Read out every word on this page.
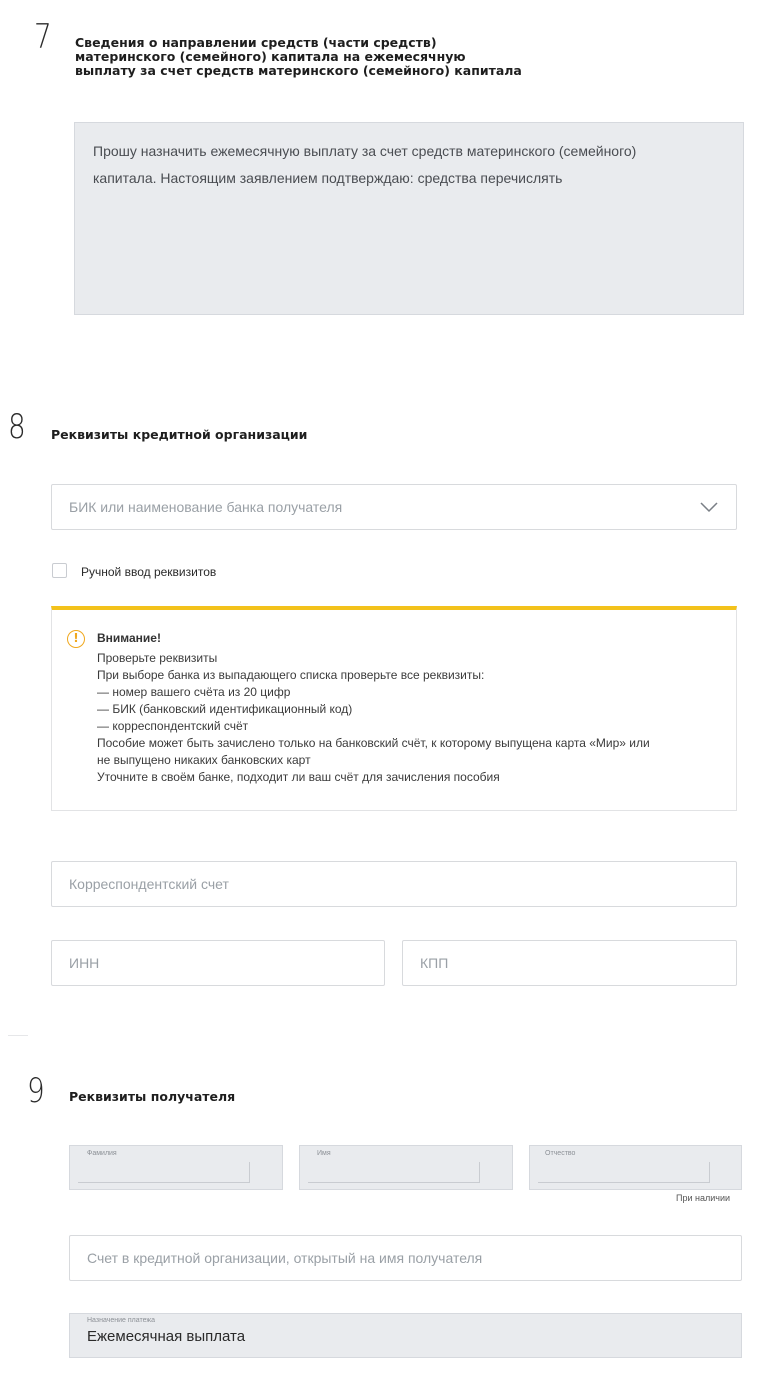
7 Сведения о направлении средств (части средств)
материнского (семейного) капитала на ежемесячную
выплату за счет средств материнского (семейного) капитала
Прошу назначить ежемесячную выплату за счет средств материнского (семейного)
капитала. Настоящим заявлением подтверждаю: средства перечислять
8 Реквизиты кредитной организации
БИК или наименование банка получателя
Ручной ввод реквизитов
!	Внимание!
Проверьте реквизиты
При выборе банка из выпадающего списка проверьте все реквизиты:
— номер вашего счёта из 20 цифр
— БИК (банковский идентификационный код)
— корреспондентский счёт
Пособие может быть зачислено только на банковский счёт, к которому выпущена карта «Мир» или
не выпущено никаких банковских карт
Уточните в своём банке, подходит ли ваш счёт для зачисления пособия
Корреспондентский счет
ИНН	КПП
9 Реквизиты получателя
Фамилия	Имя	Отчество
При наличии
Счет в кредитной организации, открытый на имя получателя
Назначение платежа
Ежемесячная выплата
